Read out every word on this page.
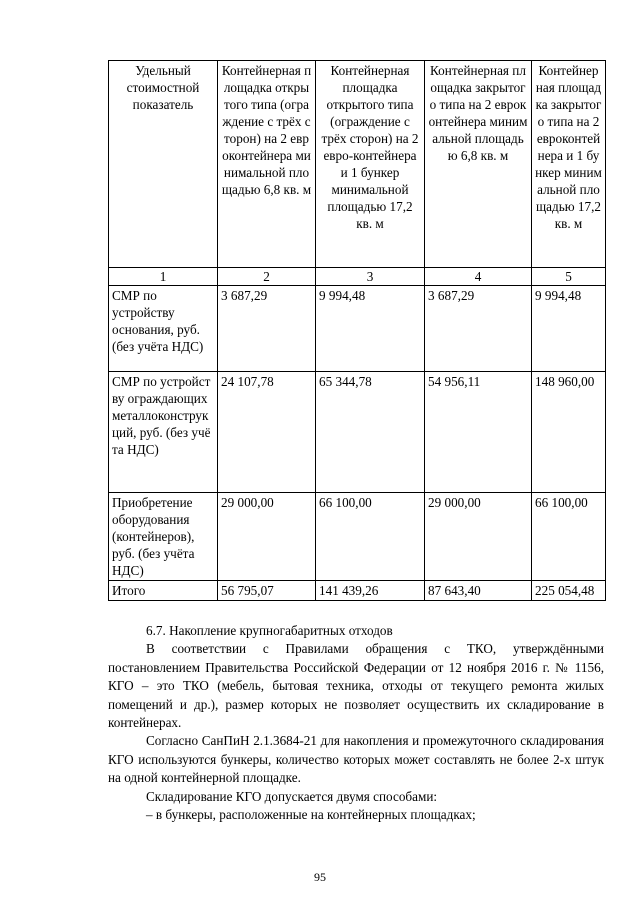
Удельный стоимостной показатель	Контейнерная площадка открытого типа (ограждение с трёх сторон) на 2 евроконтейнера минимальной площадью 6,8 кв. м	Контейнерная площадка открытого типа (ограждение с трёх сторон) на 2 евро-контейнера и 1 бункер минимальной площадью 17,2 кв. м	Контейнерная площадка закрытого типа на 2 евроконтейнера минимальной площадью 6,8 кв. м	Контейнерная площадка закрытого типа на 2 евроконтейнера и 1 бункер минимальной площадью 17,2 кв. м
1	2	3	4	5
СМР по устройству основания, руб. (без учёта НДС)	3 687,29	9 994,48	3 687,29	9 994,48
СМР по устройству ограждающих металлоконструкций, руб. (без учёта НДС)	24 107,78	65 344,78	54 956,11	148 960,00
Приобретение оборудования (контейнеров), руб. (без учёта НДС)	29 000,00	66 100,00	29 000,00	66 100,00
Итого	56 795,07	141 439,26	87 643,40	225 054,48

6.7. Накопление крупногабаритных отходов

В соответствии с Правилами обращения с ТКО, утверждёнными постановлением Правительства Российской Федерации от 12 ноября 2016 г. № 1156, КГО – это ТКО (мебель, бытовая техника, отходы от текущего ремонта жилых помещений и др.), размер которых не позволяет осуществить их складирование в контейнерах.

Согласно СанПиН 2.1.3684-21 для накопления и промежуточного складирования КГО используются бункеры, количество которых может составлять не более 2-х штук на одной контейнерной площадке.

Складирование КГО допускается двумя способами:

– в бункеры, расположенные на контейнерных площадках;

95
